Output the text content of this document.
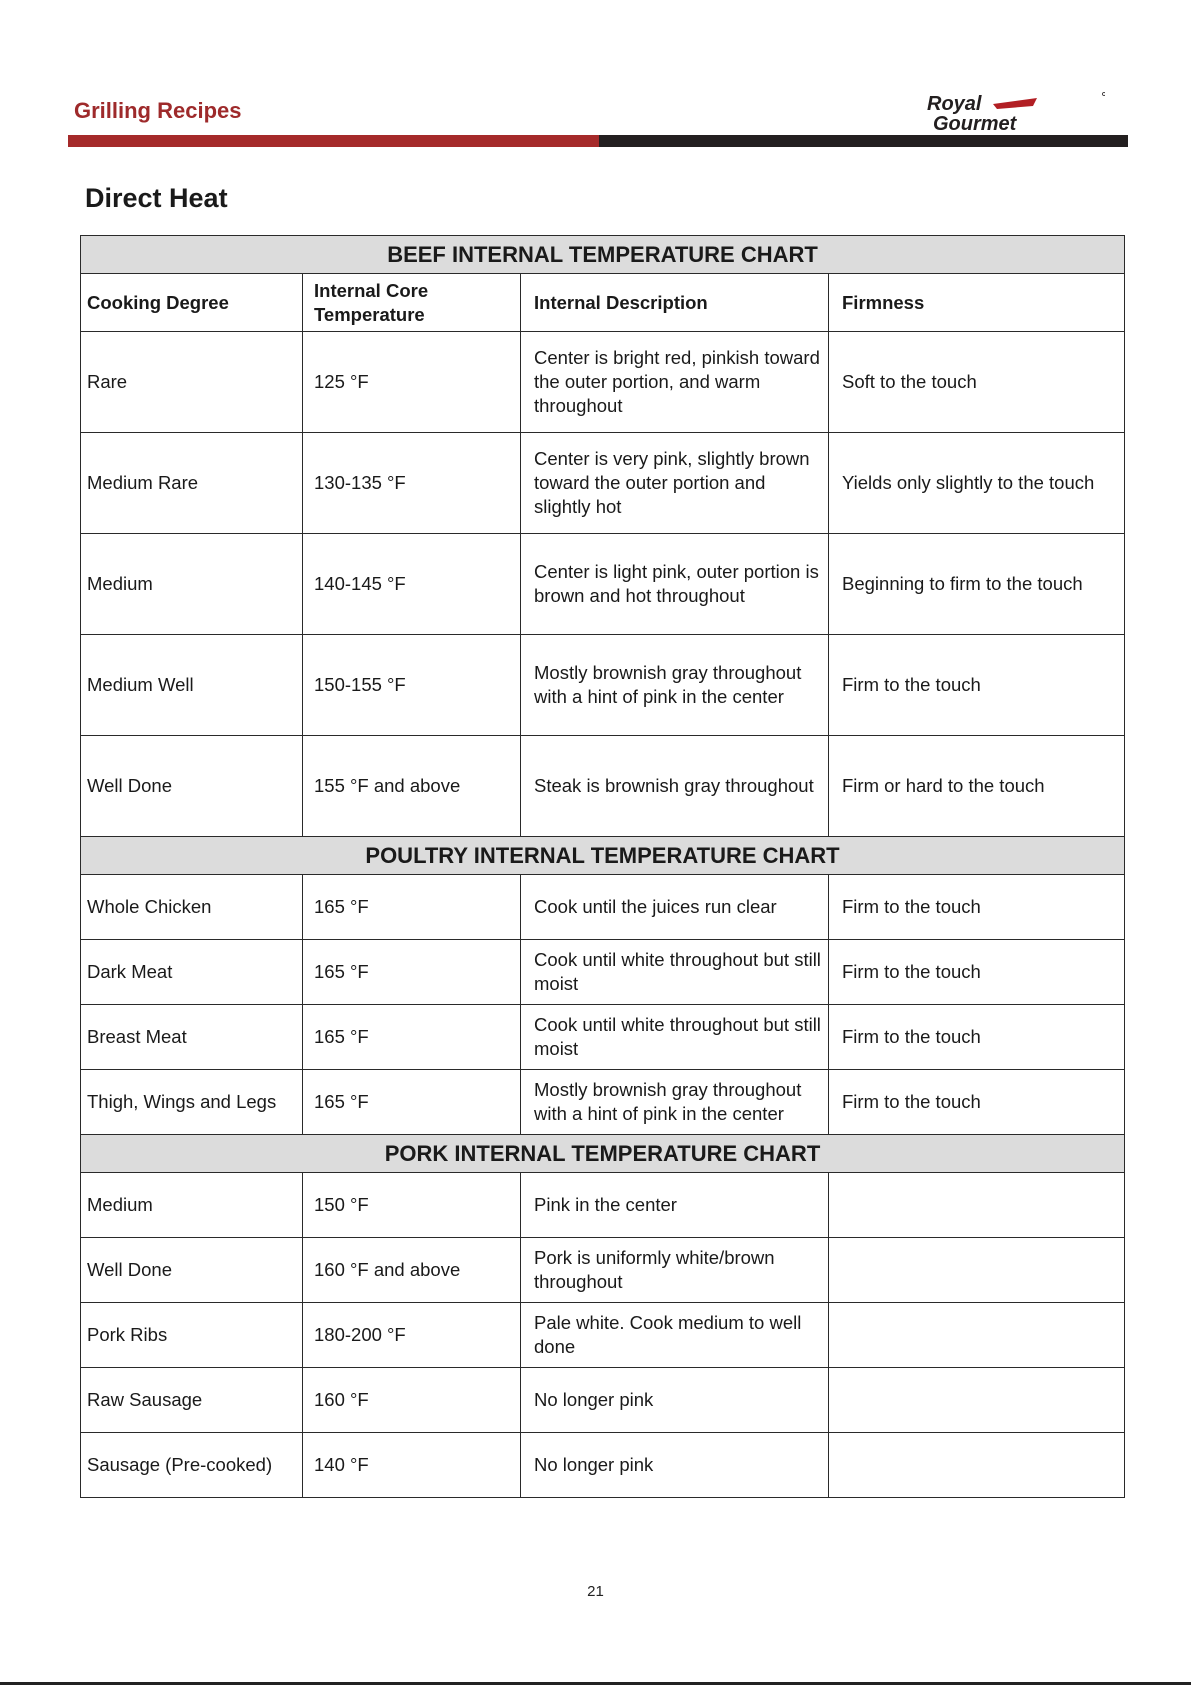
Grilling Recipes	Royal
Gourmet
Direct Heat
BEEF INTERNAL TEMPERATURE CHART			
Cooking Degree	Internal Core Temperature	Internal Description	Firmness
Rare	125 °F	Center is bright red, pinkish toward the outer portion, and warm throughout	Soft to the touch
Medium Rare	130-135 °F	Center is very pink, slightly brown toward the outer portion and slightly hot	Yields only slightly to the touch
Medium	140-145 °F	Center is light pink, outer portion is brown and hot throughout	Beginning to firm to the touch
Medium Well	150-155 °F	Mostly brownish gray throughout with a hint of pink in the center	Firm to the touch
Well Done	155 °F and above	Steak is brownish gray throughout	Firm or hard to the touch
POULTRY INTERNAL TEMPERATURE CHART			
Whole Chicken	165 °F	Cook until the juices run clear	Firm to the touch
Dark Meat	165 °F	Cook until white throughout but still moist	Firm to the touch
Breast Meat	165 °F	Cook until white throughout but still moist	Firm to the touch
Thigh, Wings and Legs	165 °F	Mostly brownish gray throughout with a hint of pink in the center	Firm to the touch
PORK INTERNAL TEMPERATURE CHART			
Medium	150 °F	Pink in the center	
Well Done	160 °F and above	Pork is uniformly white/brown throughout	
Pork Ribs	180-200 °F	Pale white. Cook medium to well done	
Raw Sausage	160 °F	No longer pink	
Sausage (Pre-cooked)	140 °F	No longer pink	
21
